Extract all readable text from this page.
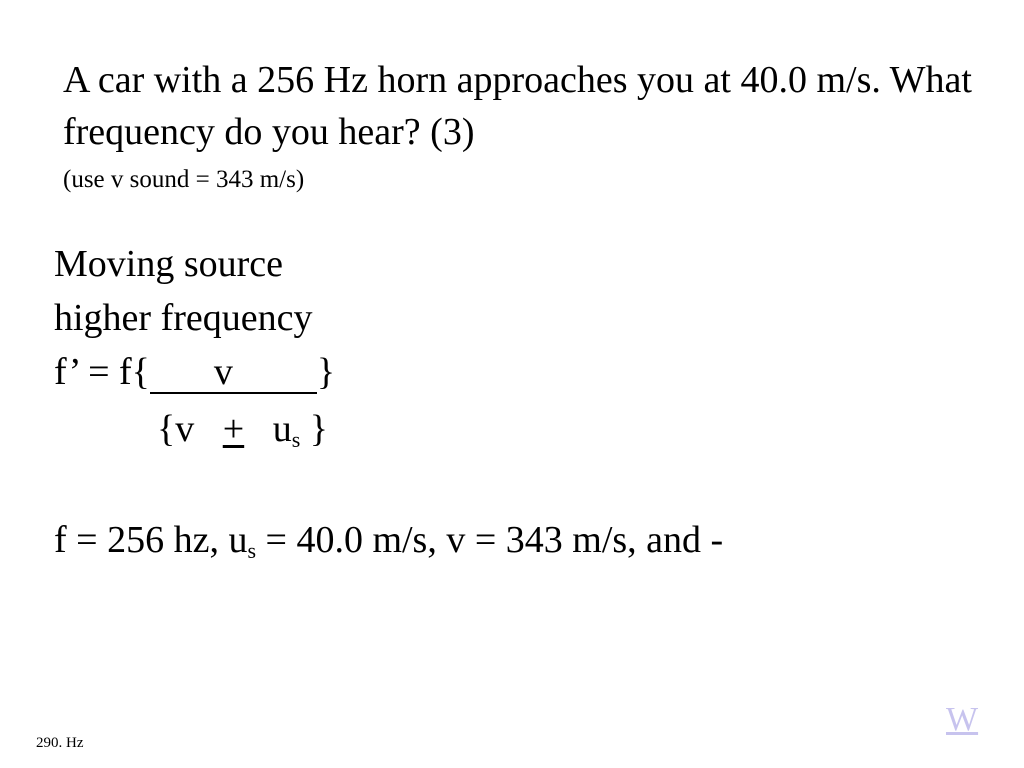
A car with a 256 Hz horn approaches you at 40.0 m/s. What frequency do you hear? (3)
(use v sound = 343 m/s)
Moving source
higher frequency
f’ = f{ v }
{$v + u_s$ }
f = 256 hz, $u_s = 40.0$ m/s, v = 343 m/s, and -
290. Hz
W
